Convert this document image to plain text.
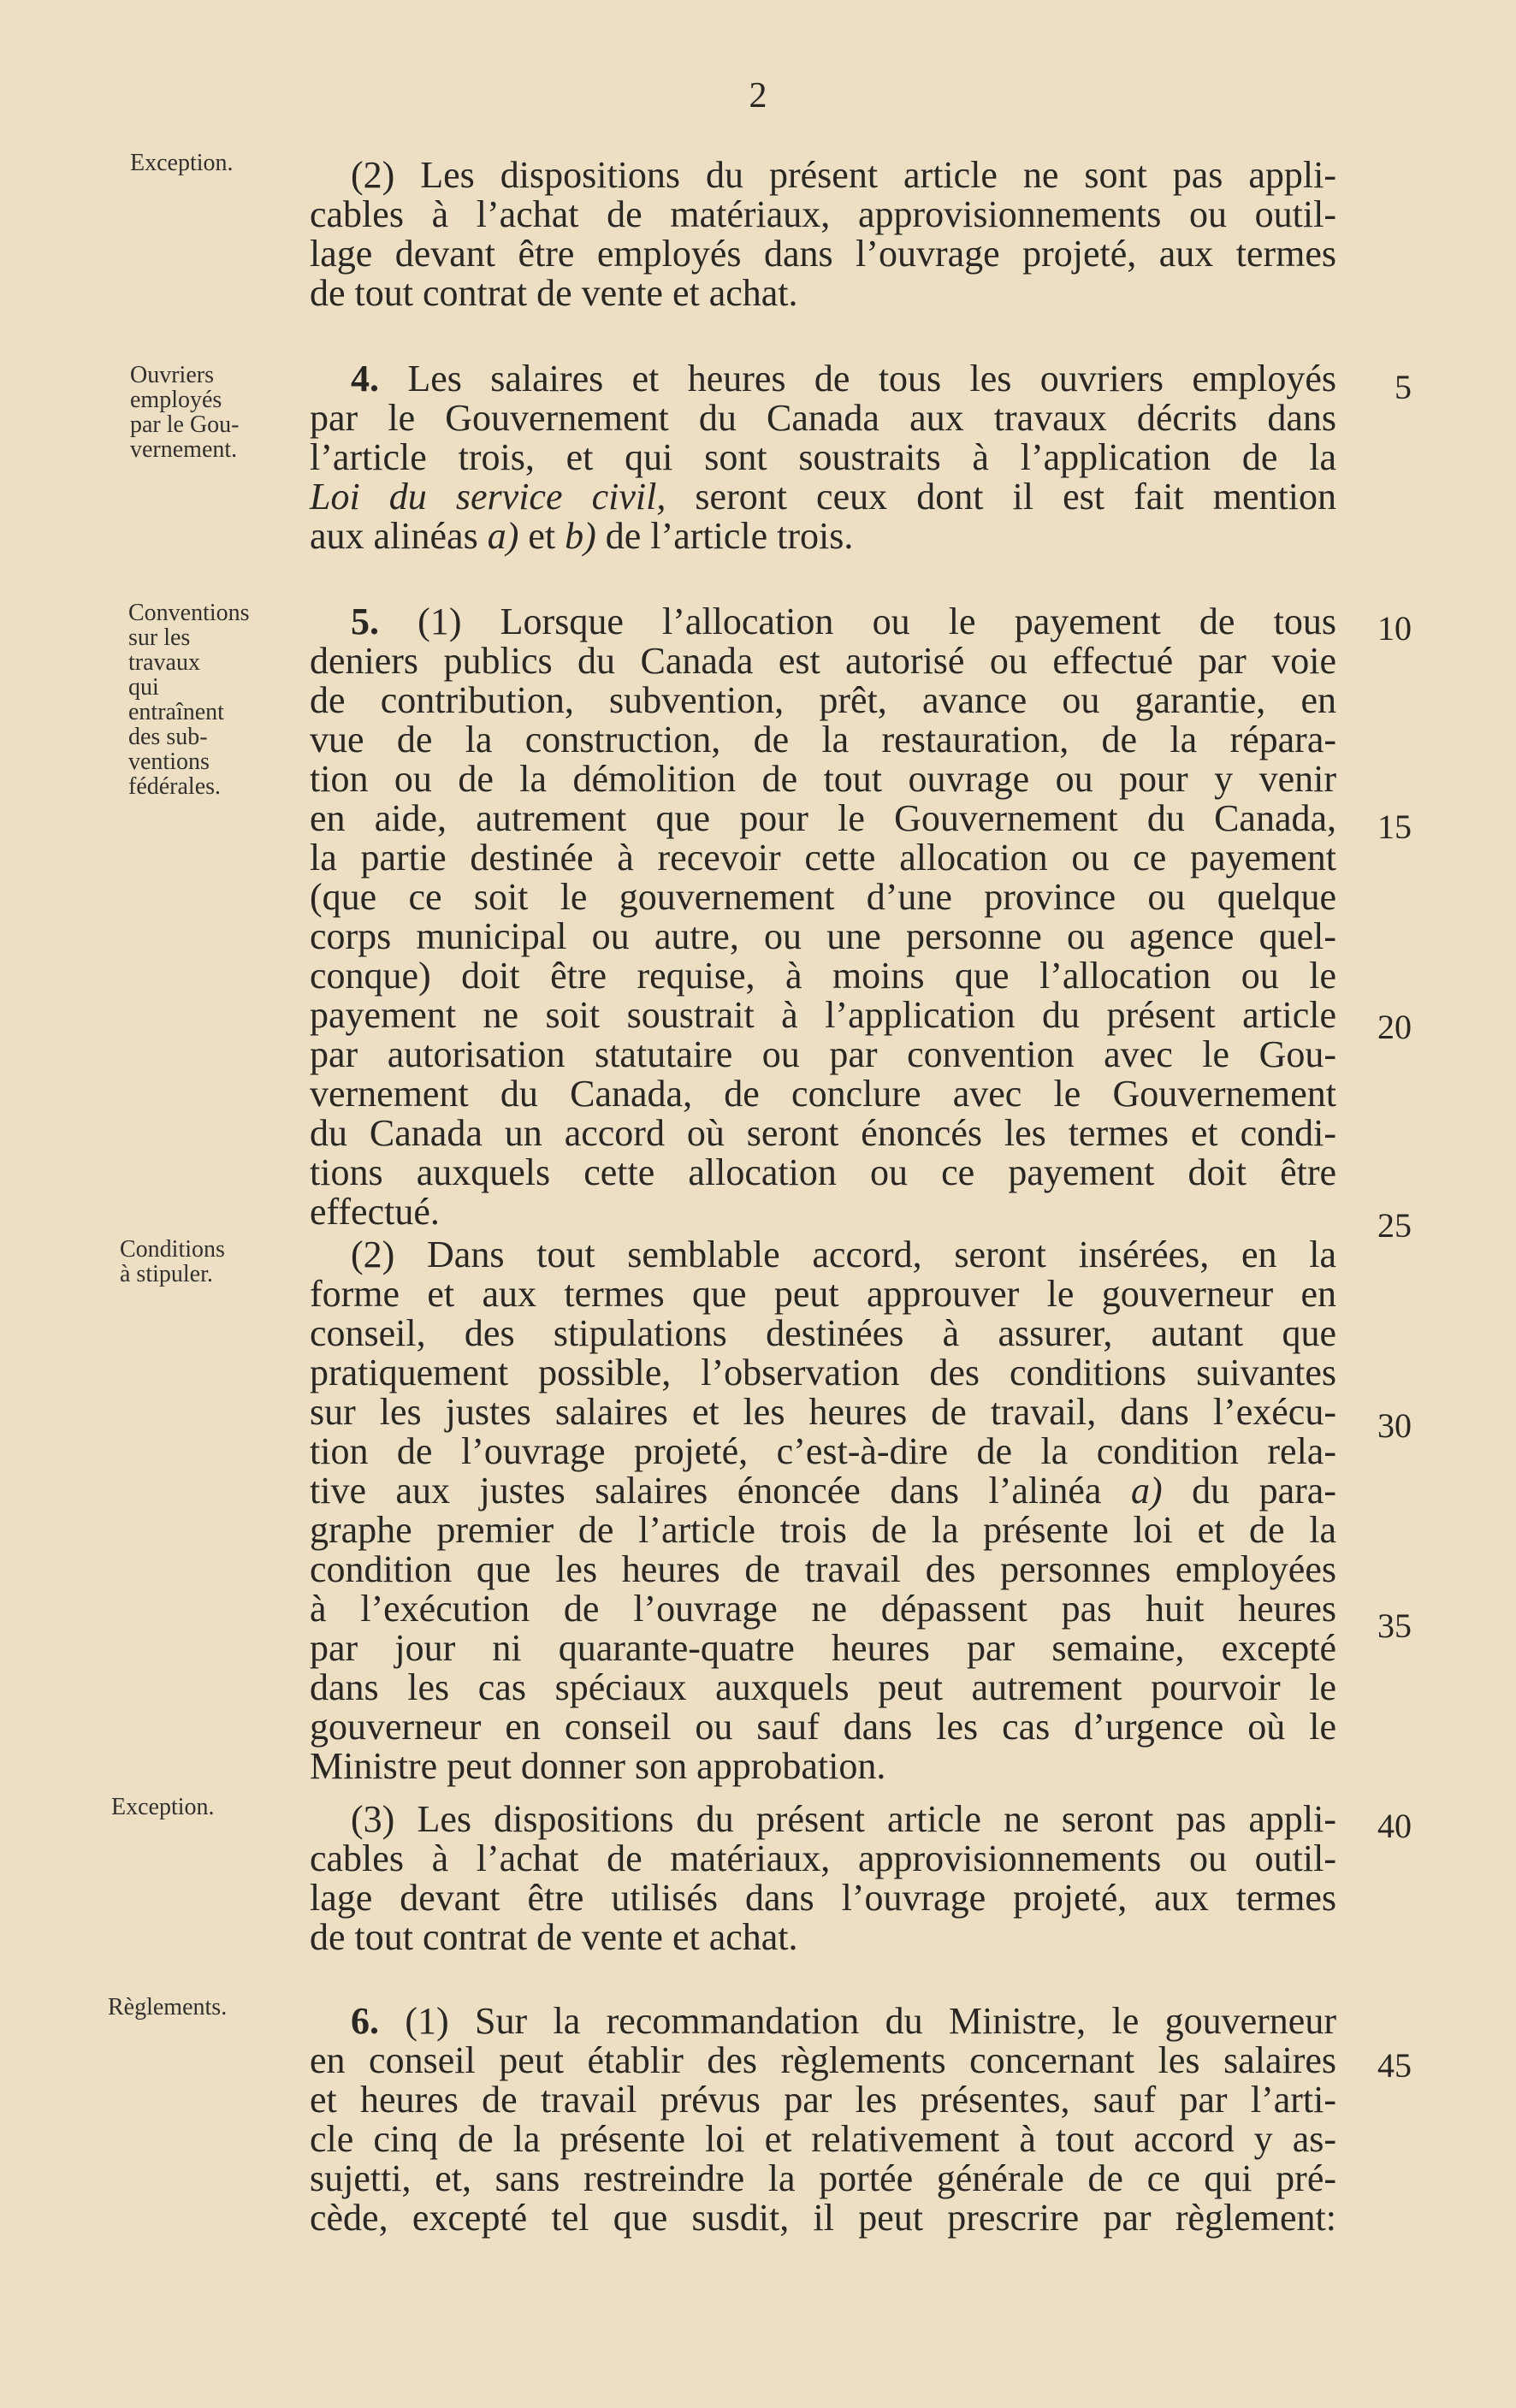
2
Exception.
Ouvriers
employés
par le Gou-
vernement.
Conventions
sur les
travaux
qui
entraînent
des sub-
ventions
fédérales.
Conditions
à stipuler.
Exception.
Règlements.
5
10
15
20
25
30
35
40
45
(2) Les dispositions du présent article ne sont pas appli-
cables à l’achat de matériaux, approvisionnements ou outil-
lage devant être employés dans l’ouvrage projeté, aux termes
de tout contrat de vente et achat.
4. Les salaires et heures de tous les ouvriers employés
par le Gouvernement du Canada aux travaux décrits dans
l’article trois, et qui sont soustraits à l’application de la
Loi du service civil, seront ceux dont il est fait mention
aux alinéas a) et b) de l’article trois.
5. (1) Lorsque l’allocation ou le payement de tous
deniers publics du Canada est autorisé ou effectué par voie
de contribution, subvention, prêt, avance ou garantie, en
vue de la construction, de la restauration, de la répara-
tion ou de la démolition de tout ouvrage ou pour y venir
en aide, autrement que pour le Gouvernement du Canada,
la partie destinée à recevoir cette allocation ou ce payement
(que ce soit le gouvernement d’une province ou quelque
corps municipal ou autre, ou une personne ou agence quel-
conque) doit être requise, à moins que l’allocation ou le
payement ne soit soustrait à l’application du présent article
par autorisation statutaire ou par convention avec le Gou-
vernement du Canada, de conclure avec le Gouvernement
du Canada un accord où seront énoncés les termes et condi-
tions auxquels cette allocation ou ce payement doit être
effectué.
(2) Dans tout semblable accord, seront insérées, en la
forme et aux termes que peut approuver le gouverneur en
conseil, des stipulations destinées à assurer, autant que
pratiquement possible, l’observation des conditions suivantes
sur les justes salaires et les heures de travail, dans l’exécu-
tion de l’ouvrage projeté, c’est-à-dire de la condition rela-
tive aux justes salaires énoncée dans l’alinéa a) du para-
graphe premier de l’article trois de la présente loi et de la
condition que les heures de travail des personnes employées
à l’exécution de l’ouvrage ne dépassent pas huit heures
par jour ni quarante-quatre heures par semaine, excepté
dans les cas spéciaux auxquels peut autrement pourvoir le
gouverneur en conseil ou sauf dans les cas d’urgence où le
Ministre peut donner son approbation.
(3) Les dispositions du présent article ne seront pas appli-
cables à l’achat de matériaux, approvisionnements ou outil-
lage devant être utilisés dans l’ouvrage projeté, aux termes
de tout contrat de vente et achat.
6. (1) Sur la recommandation du Ministre, le gouverneur
en conseil peut établir des règlements concernant les salaires
et heures de travail prévus par les présentes, sauf par l’arti-
cle cinq de la présente loi et relativement à tout accord y as-
sujetti, et, sans restreindre la portée générale de ce qui pré-
cède, excepté tel que susdit, il peut prescrire par règlement:
